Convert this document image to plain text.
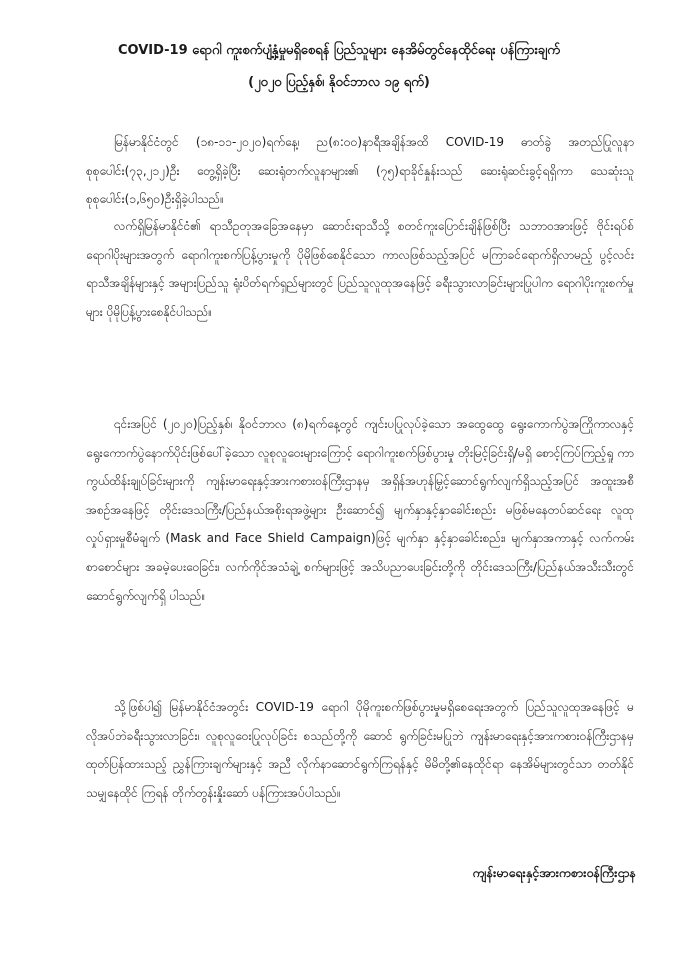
COVID-19 ရောဂါ ကူးစက်ပျံ့နှံ့မှုမရှိစေရန် ပြည်သူများ နေအိမ်တွင်နေထိုင်ရေး ပန်ကြားချက်
(၂၀၂၀ ပြည့်နှစ်၊ နိုဝင်ဘာလ ၁၉ ရက်)

မြန်မာနိုင်ငံတွင် (၁၈-၁၁-၂၀၂၀)ရက်နေ့၊ ည(၈:၀၀)နာရီအချိန်အထိ COVID-19 ဓာတ်ခွဲ အတည်ပြုလူနာ စုစုပေါင်း(၇၃,၂၁၂)ဦး တွေ့ရှိခဲ့ပြီး ဆေးရုံတက်လူနာများ၏ (၇၅)ရာခိုင်နှုန်းသည် ဆေးရုံဆင်းခွင့်ရရှိကာ သေဆုံးသူစုစုပေါင်း(၁,၆၅၀)ဦးရှိခဲ့ပါသည်။

လက်ရှိမြန်မာနိုင်ငံ၏ ရာသီဥတုအခြေအနေမှာ ဆောင်းရာသီသို့ စတင်ကူးပြောင်းချိန်ဖြစ်ပြီး သဘာဝအားဖြင့် ဗိုင်းရပ်စ်ရောဂါပိုးများအတွက် ရောဂါကူးစက်ပြန့်ပွားမှုကို ပိုမိုဖြစ်စေနိုင်သော ကာလဖြစ်သည့်အပြင် မကြာခင်ရောက်ရှိလာမည့် ပွင့်လင်းရာသီအချိန်များနှင့် အများပြည်သူ ရုံးပိတ်ရက်ရှည်များတွင် ပြည်သူလူထုအနေဖြင့် ခရီးသွားလာခြင်းများပြုပါက ရောဂါပိုးကူးစက်မှု များ ပိုမိုပြန့်ပွားစေနိုင်ပါသည်။

၎င်းအပြင် (၂၀၂၀)ပြည့်နှစ်၊ နိုဝင်ဘာလ (၈)ရက်နေ့တွင် ကျင်းပပြုလုပ်ခဲ့သော အထွေထွေ ရွေးကောက်ပွဲအကြိုကာလနှင့် ရွေးကောက်ပွဲနောက်ပိုင်းဖြစ်ပေါ်ခဲ့သော လူစုလူဝေးများကြောင့် ရောဂါကူးစက်ဖြစ်ပွားမှု တိုးမြင့်ခြင်းရှိ/မရှိ စောင့်ကြပ်ကြည့်ရှု ကာကွယ်ထိန်းချုပ်ခြင်းများကို ကျန်းမာရေးနှင့်အားကစားဝန်ကြီးဌာနမှ အရှိန်အဟုန်မြှင့်ဆောင်ရွက်လျက်ရှိသည့်အပြင် အထူးအစီ အစဉ်အနေဖြင့် တိုင်းဒေသကြီး/ပြည်နယ်အစိုးရအဖွဲ့များ ဦးဆောင်၍ မျက်နှာနှင့်နှာခေါင်းစည်း မဖြစ်မနေတပ်ဆင်ရေး လူထုလှုပ်ရှားမှုစီမံချက် (Mask and Face Shield Campaign)ဖြင့် မျက်နှာ နှင့်နှာခေါင်းစည်း၊ မျက်နှာအကာနှင့် လက်ကမ်းစာစောင်များ အခမဲ့ပေးဝေခြင်း၊ လက်ကိုင်အသံချဲ့ စက်များဖြင့် အသိပညာပေးခြင်းတို့ကို တိုင်းဒေသကြီး/ပြည်နယ်အသီးသီးတွင် ဆောင်ရွက်လျက်ရှိ ပါသည်။

သို့ဖြစ်ပါ၍ မြန်မာနိုင်ငံအတွင်း COVID-19 ရောဂါ ပိုမိုကူးစက်ဖြစ်ပွားမှုမရှိစေရေးအတွက် ပြည်သူလူထုအနေဖြင့် မလိုအပ်ဘဲခရီးသွားလာခြင်း၊ လူစုလူဝေးပြုလုပ်ခြင်း စသည်တို့ကို ဆောင် ရွက်ခြင်းမပြုဘဲ ကျန်းမာရေးနှင့်အားကစားဝန်ကြီးဌာနမှ ထုတ်ပြန်ထားသည့် ညွှန်ကြားချက်များနှင့် အညီ လိုက်နာဆောင်ရွက်ကြရန်နှင့် မိမိတို့၏နေထိုင်ရာ နေအိမ်များတွင်သာ တတ်နိုင်သမျှနေထိုင် ကြရန် တိုက်တွန်းနှိုးဆော် ပန်ကြားအပ်ပါသည်။

ကျန်းမာရေးနှင့်အားကစားဝန်ကြီးဌာန
